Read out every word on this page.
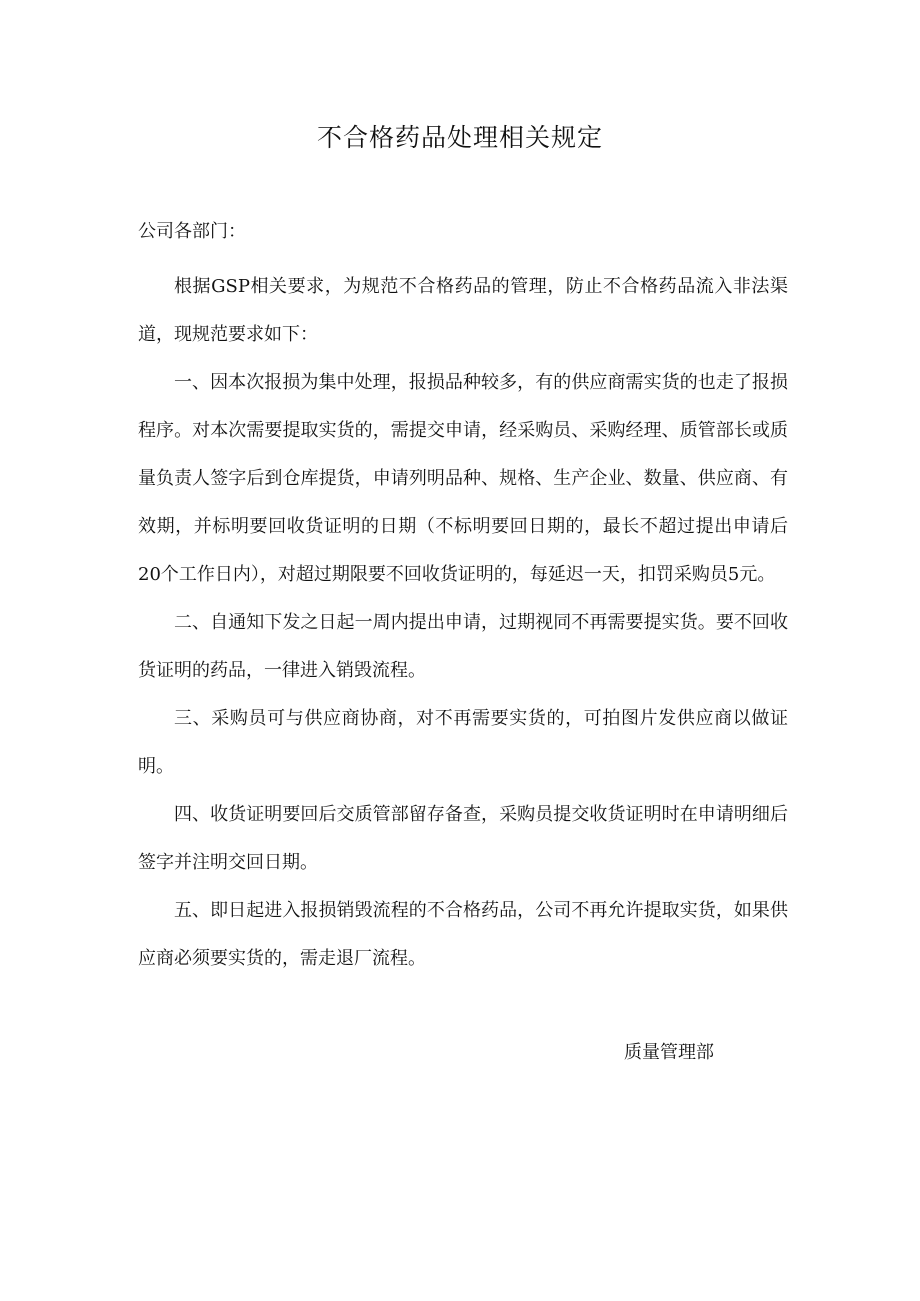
不合格药品处理相关规定
公司各部门：

根据GSP相关要求，为规范不合格药品的管理，防止不合格药品流入非法渠道，现规范要求如下：

一、因本次报损为集中处理，报损品种较多，有的供应商需实货的也走了报损程序。对本次需要提取实货的，需提交申请，经采购员、采购经理、质管部长或质量负责人签字后到仓库提货，申请列明品种、规格、生产企业、数量、供应商、有效期，并标明要回收货证明的日期（不标明要回日期的，最长不超过提出申请后20个工作日内），对超过期限要不回收货证明的，每延迟一天，扣罚采购员5元。

二、自通知下发之日起一周内提出申请，过期视同不再需要提实货。要不回收货证明的药品，一律进入销毁流程。

三、采购员可与供应商协商，对不再需要实货的，可拍图片发供应商以做证明。

四、收货证明要回后交质管部留存备查，采购员提交收货证明时在申请明细后签字并注明交回日期。

五、即日起进入报损销毁流程的不合格药品，公司不再允许提取实货，如果供应商必须要实货的，需走退厂流程。

质量管理部
